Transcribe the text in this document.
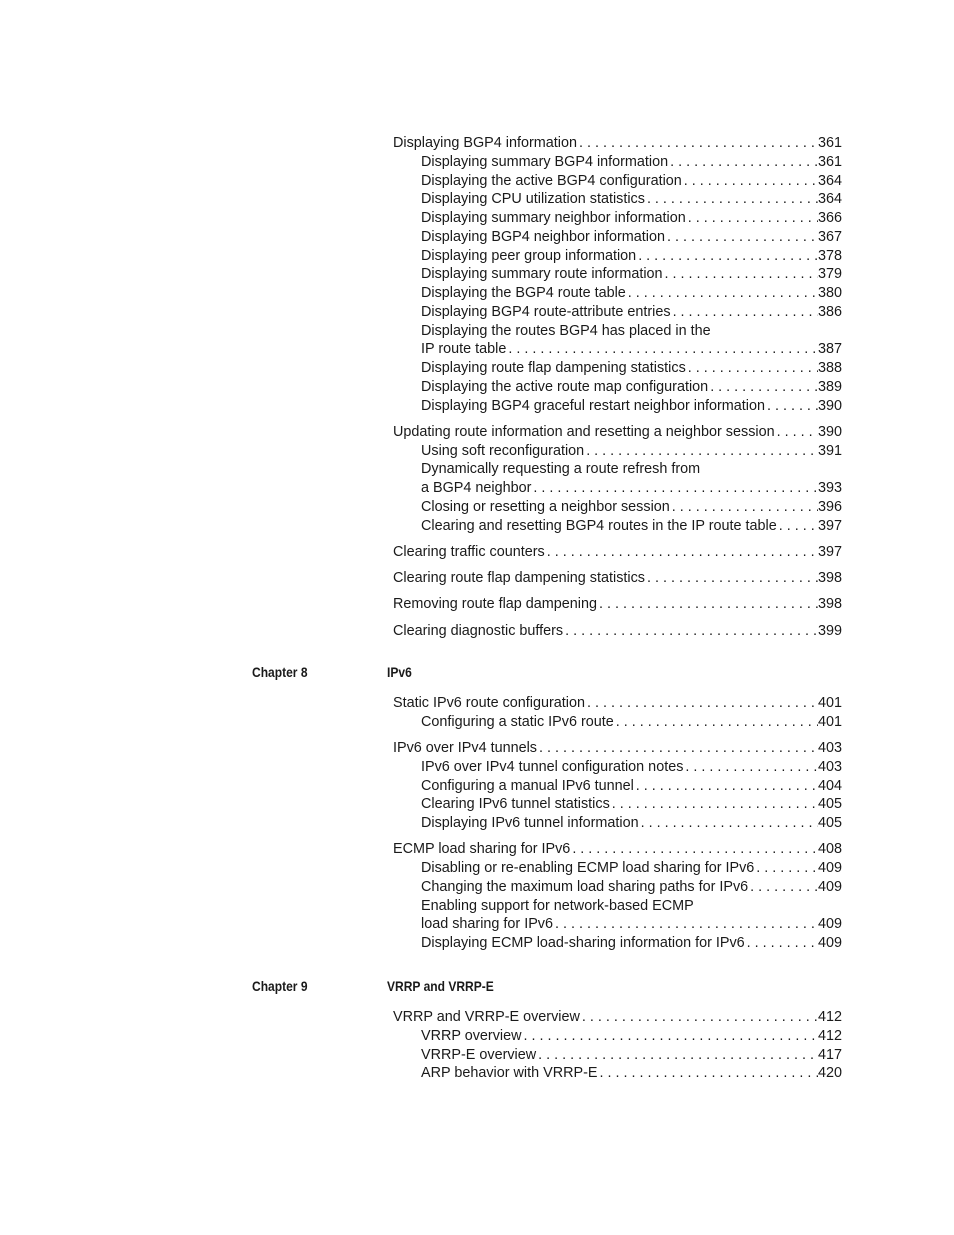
Displaying BGP4 information . . .	361
Displaying summary BGP4 information . . .	361
Displaying the active BGP4 configuration . . .	364
Displaying CPU utilization statistics . . .	364
Displaying summary neighbor information . . .	366
Displaying BGP4 neighbor information . . .	367
Displaying peer group information . . .	378
Displaying summary route information . . .	379
Displaying the BGP4 route table . . .	380
Displaying BGP4 route-attribute entries . . .	386
Displaying the routes BGP4 has placed in the
IP route table . . .	387
Displaying route flap dampening statistics . . .	388
Displaying the active route map configuration . . .	389
Displaying BGP4 graceful restart neighbor information . . .	390
Updating route information and resetting a neighbor session . . .	390
Using soft reconfiguration . . .	391
Dynamically requesting a route refresh from
a BGP4 neighbor . . .	393
Closing or resetting a neighbor session . . .	396
Clearing and resetting BGP4 routes in the IP route table . . .	397
Clearing traffic counters . . .	397
Clearing route flap dampening statistics . . .	398
Removing route flap dampening . . .	398
Clearing diagnostic buffers . . .	399
Chapter 8	IPv6
Static IPv6 route configuration . . .	401
Configuring a static IPv6 route . . .	401
IPv6 over IPv4 tunnels . . .	403
IPv6 over IPv4 tunnel configuration notes . . .	403
Configuring a manual IPv6 tunnel . . .	404
Clearing IPv6 tunnel statistics . . .	405
Displaying IPv6 tunnel information . . .	405
ECMP load sharing for IPv6 . . .	408
Disabling or re-enabling ECMP load sharing for IPv6 . . .	409
Changing the maximum load sharing paths for IPv6 . . .	409
Enabling support for network-based ECMP
load sharing for IPv6 . . .	409
Displaying ECMP load-sharing information for IPv6 . . .	409
Chapter 9	VRRP and VRRP-E
VRRP and VRRP-E overview . . .	412
VRRP overview . . .	412
VRRP-E overview . . .	417
ARP behavior with VRRP-E . . .	420
